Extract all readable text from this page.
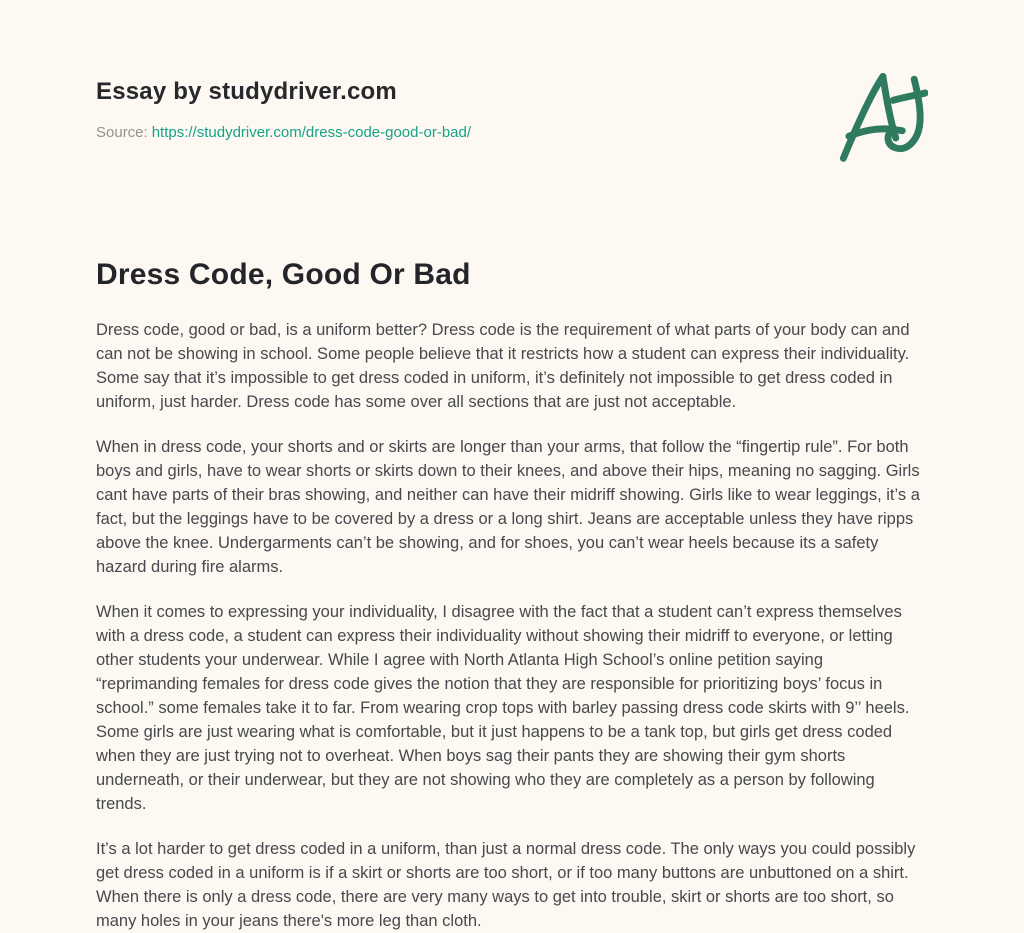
Essay by studydriver.com
Source: https://studydriver.com/dress-code-good-or-bad/
Dress Code, Good Or Bad

Dress code, good or bad, is a uniform better? Dress code is the requirement of what parts of your body can and can not be showing in school. Some people believe that it restricts how a student can express their individuality. Some say that it’s impossible to get dress coded in uniform, it’s definitely not impossible to get dress coded in uniform, just harder. Dress code has some over all sections that are just not acceptable.

When in dress code, your shorts and or skirts are longer than your arms, that follow the “fingertip rule”. For both boys and girls, have to wear shorts or skirts down to their knees, and above their hips, meaning no sagging. Girls cant have parts of their bras showing, and neither can have their midriff showing. Girls like to wear leggings, it’s a fact, but the leggings have to be covered by a dress or a long shirt. Jeans are acceptable unless they have ripps above the knee. Undergarments can’t be showing, and for shoes, you can’t wear heels because its a safety hazard during fire alarms.

When it comes to expressing your individuality, I disagree with the fact that a student can’t express themselves with a dress code, a student can express their individuality without showing their midriff to everyone, or letting other students your underwear. While I agree with North Atlanta High School’s online petition saying “reprimanding females for dress code gives the notion that they are responsible for prioritizing boys’ focus in school.” some females take it to far. From wearing crop tops with barley passing dress code skirts with 9’’ heels. Some girls are just wearing what is comfortable, but it just happens to be a tank top, but girls get dress coded when they are just trying not to overheat. When boys sag their pants they are showing their gym shorts underneath, or their underwear, but they are not showing who they are completely as a person by following trends.

It’s a lot harder to get dress coded in a uniform, than just a normal dress code. The only ways you could possibly get dress coded in a uniform is if a skirt or shorts are too short, or if too many buttons are unbuttoned on a shirt. When there is only a dress code, there are very many ways to get into trouble, skirt or shorts are too short, so many holes in your jeans there's more leg than cloth.
